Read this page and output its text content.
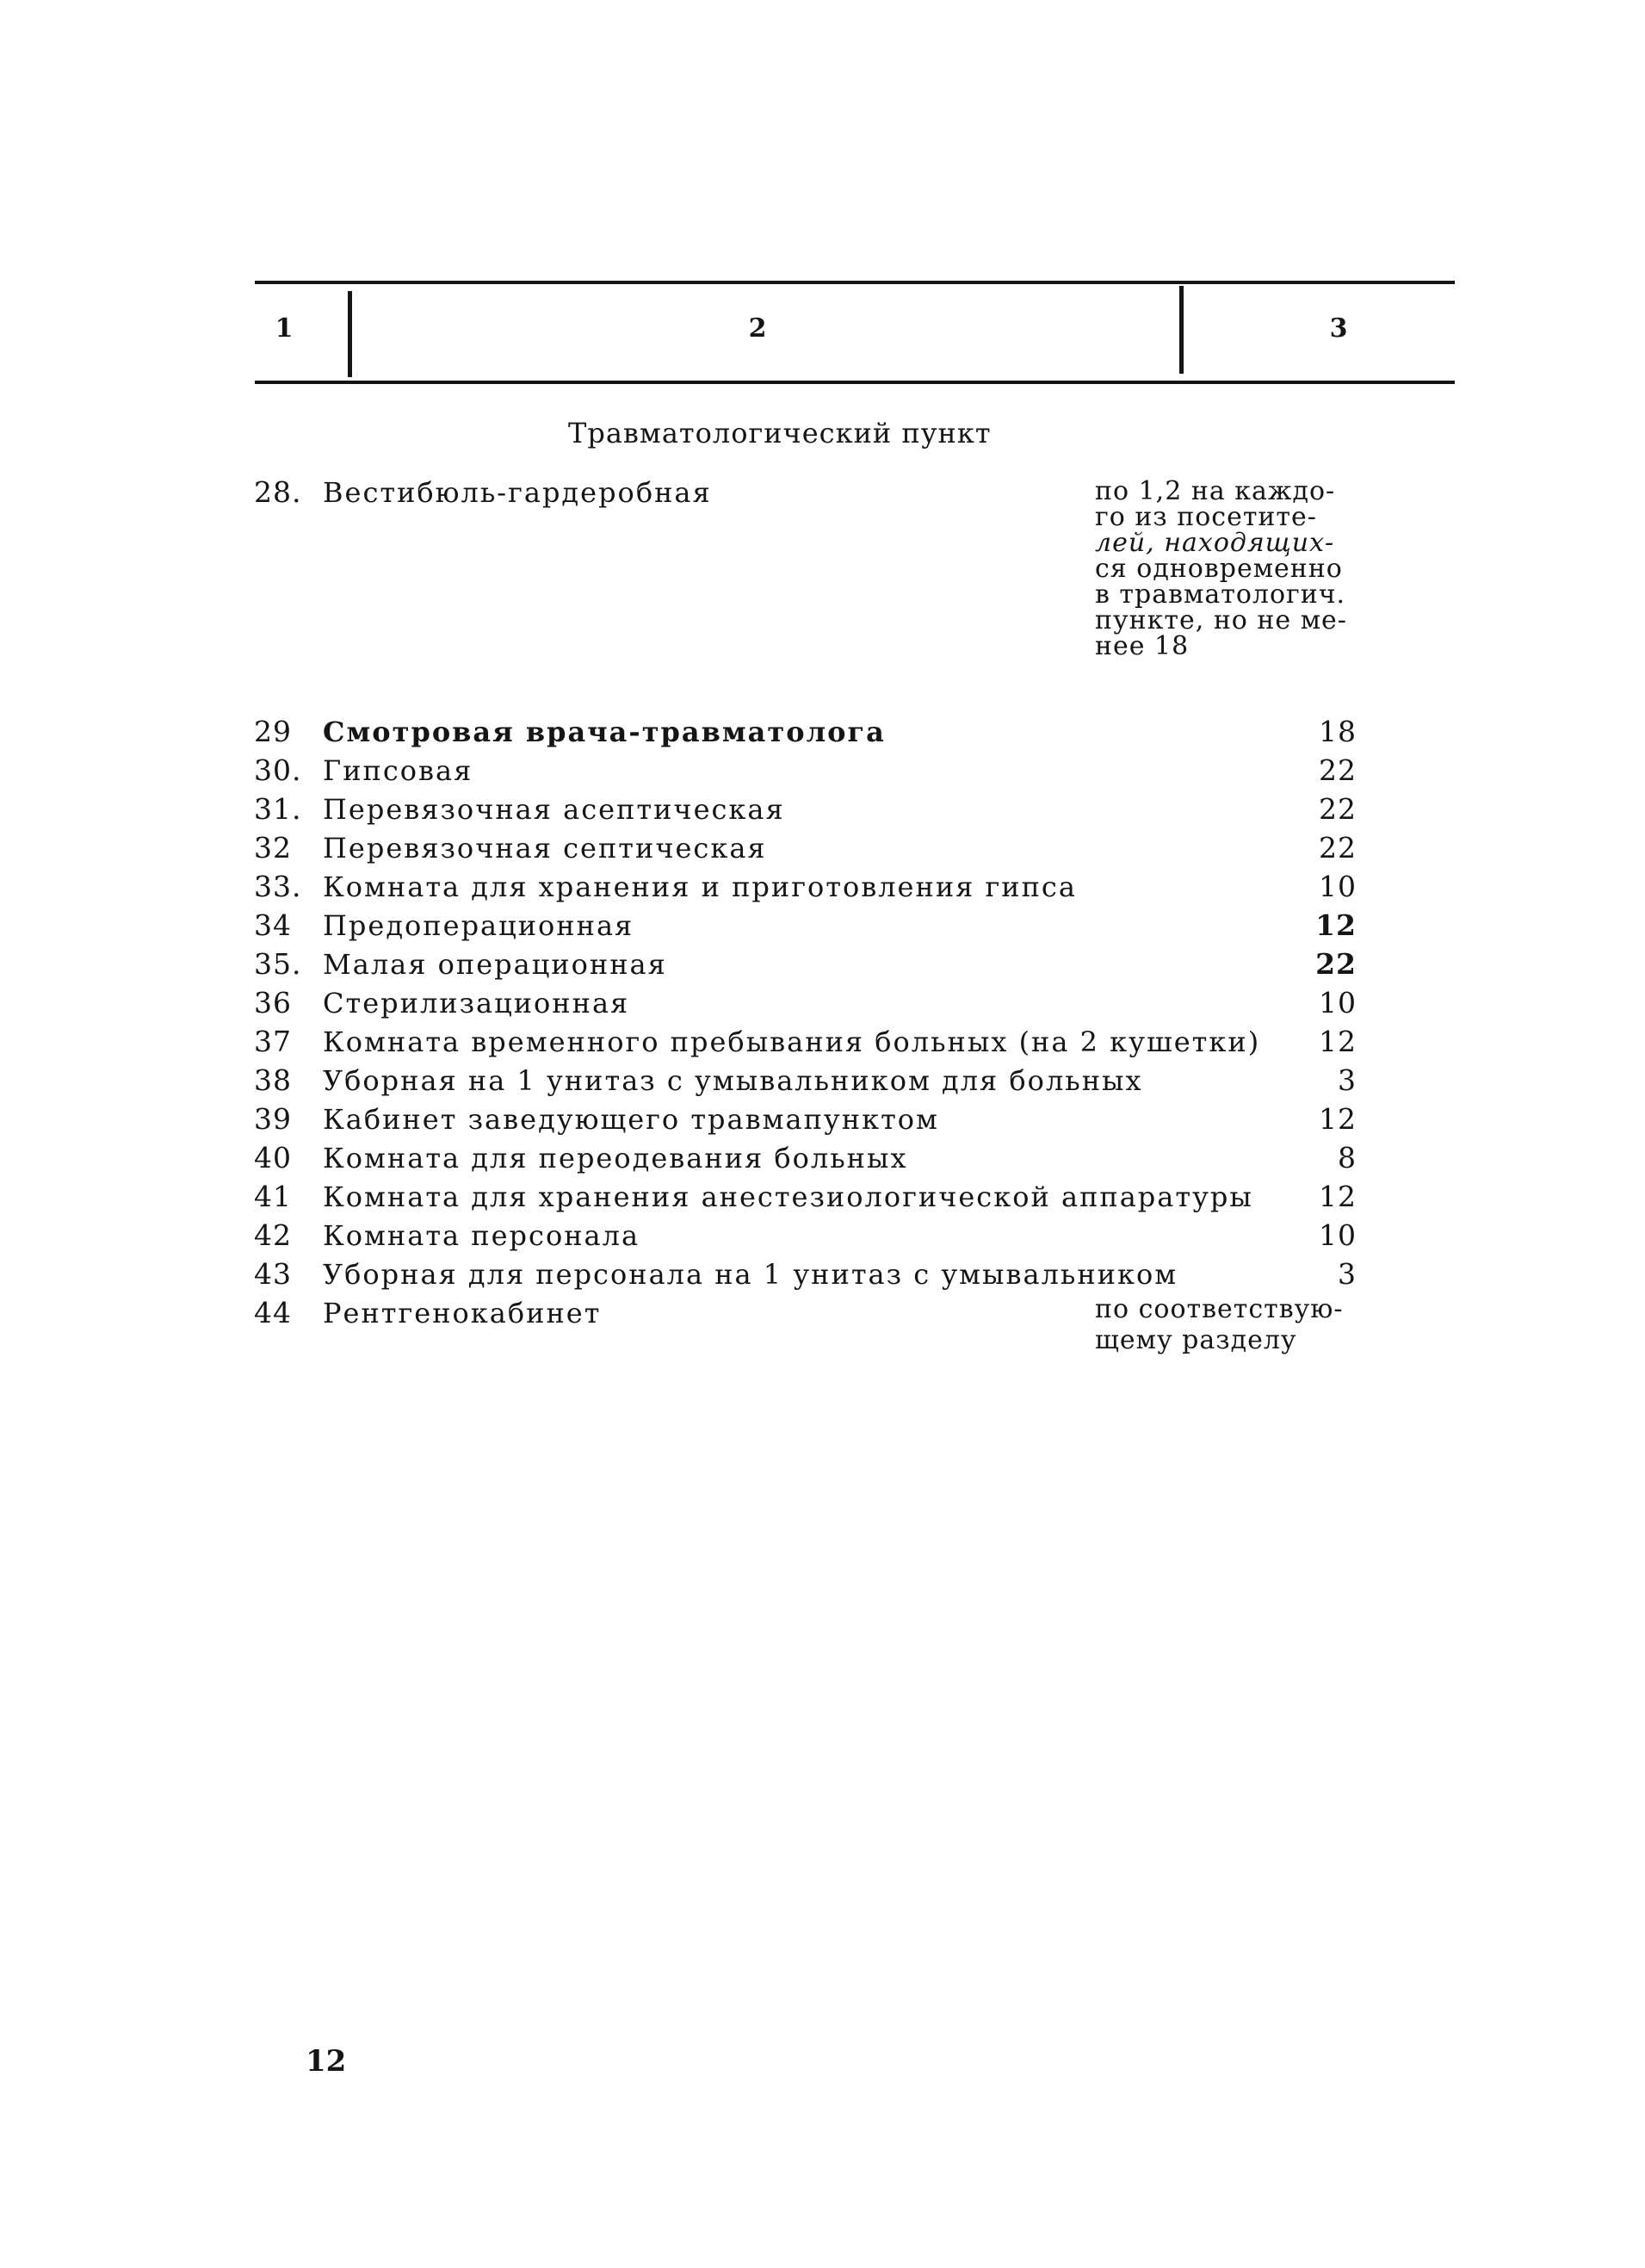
1	2	3
Травматологический пункт
28. Вестибюль-гардеробная	по 1,2 на каждо-
го из посетите-
лей, находящих-
ся одновременно
в травматологич.
пункте, но не ме-
нее 18
29	Смотровая врача-травматолога	18
30. Гипсовая	22
31. Перевязочная асептическая	22
32	Перевязочная септическая	22
33. Комната для хранения и приготовления гипса	10
34	Предоперационная	12
35. Малая операционная	22
36	Стерилизационная	10
37	Комната временного пребывания больных (на 2 кушетки) 12
38	Уборная на 1 унитаз с умывальником для больных	3
39	Кабинет заведующего травмапунктом	12
40	Комната для переодевания больных	8
41	Комната для хранения анестезиологической аппаратуры 12
42	Комната персонала	10
43	Уборная для персонала на 1 унитаз с умывальником	3
44	Рентгенокабинет	по соответствую-
щему разделу
12
